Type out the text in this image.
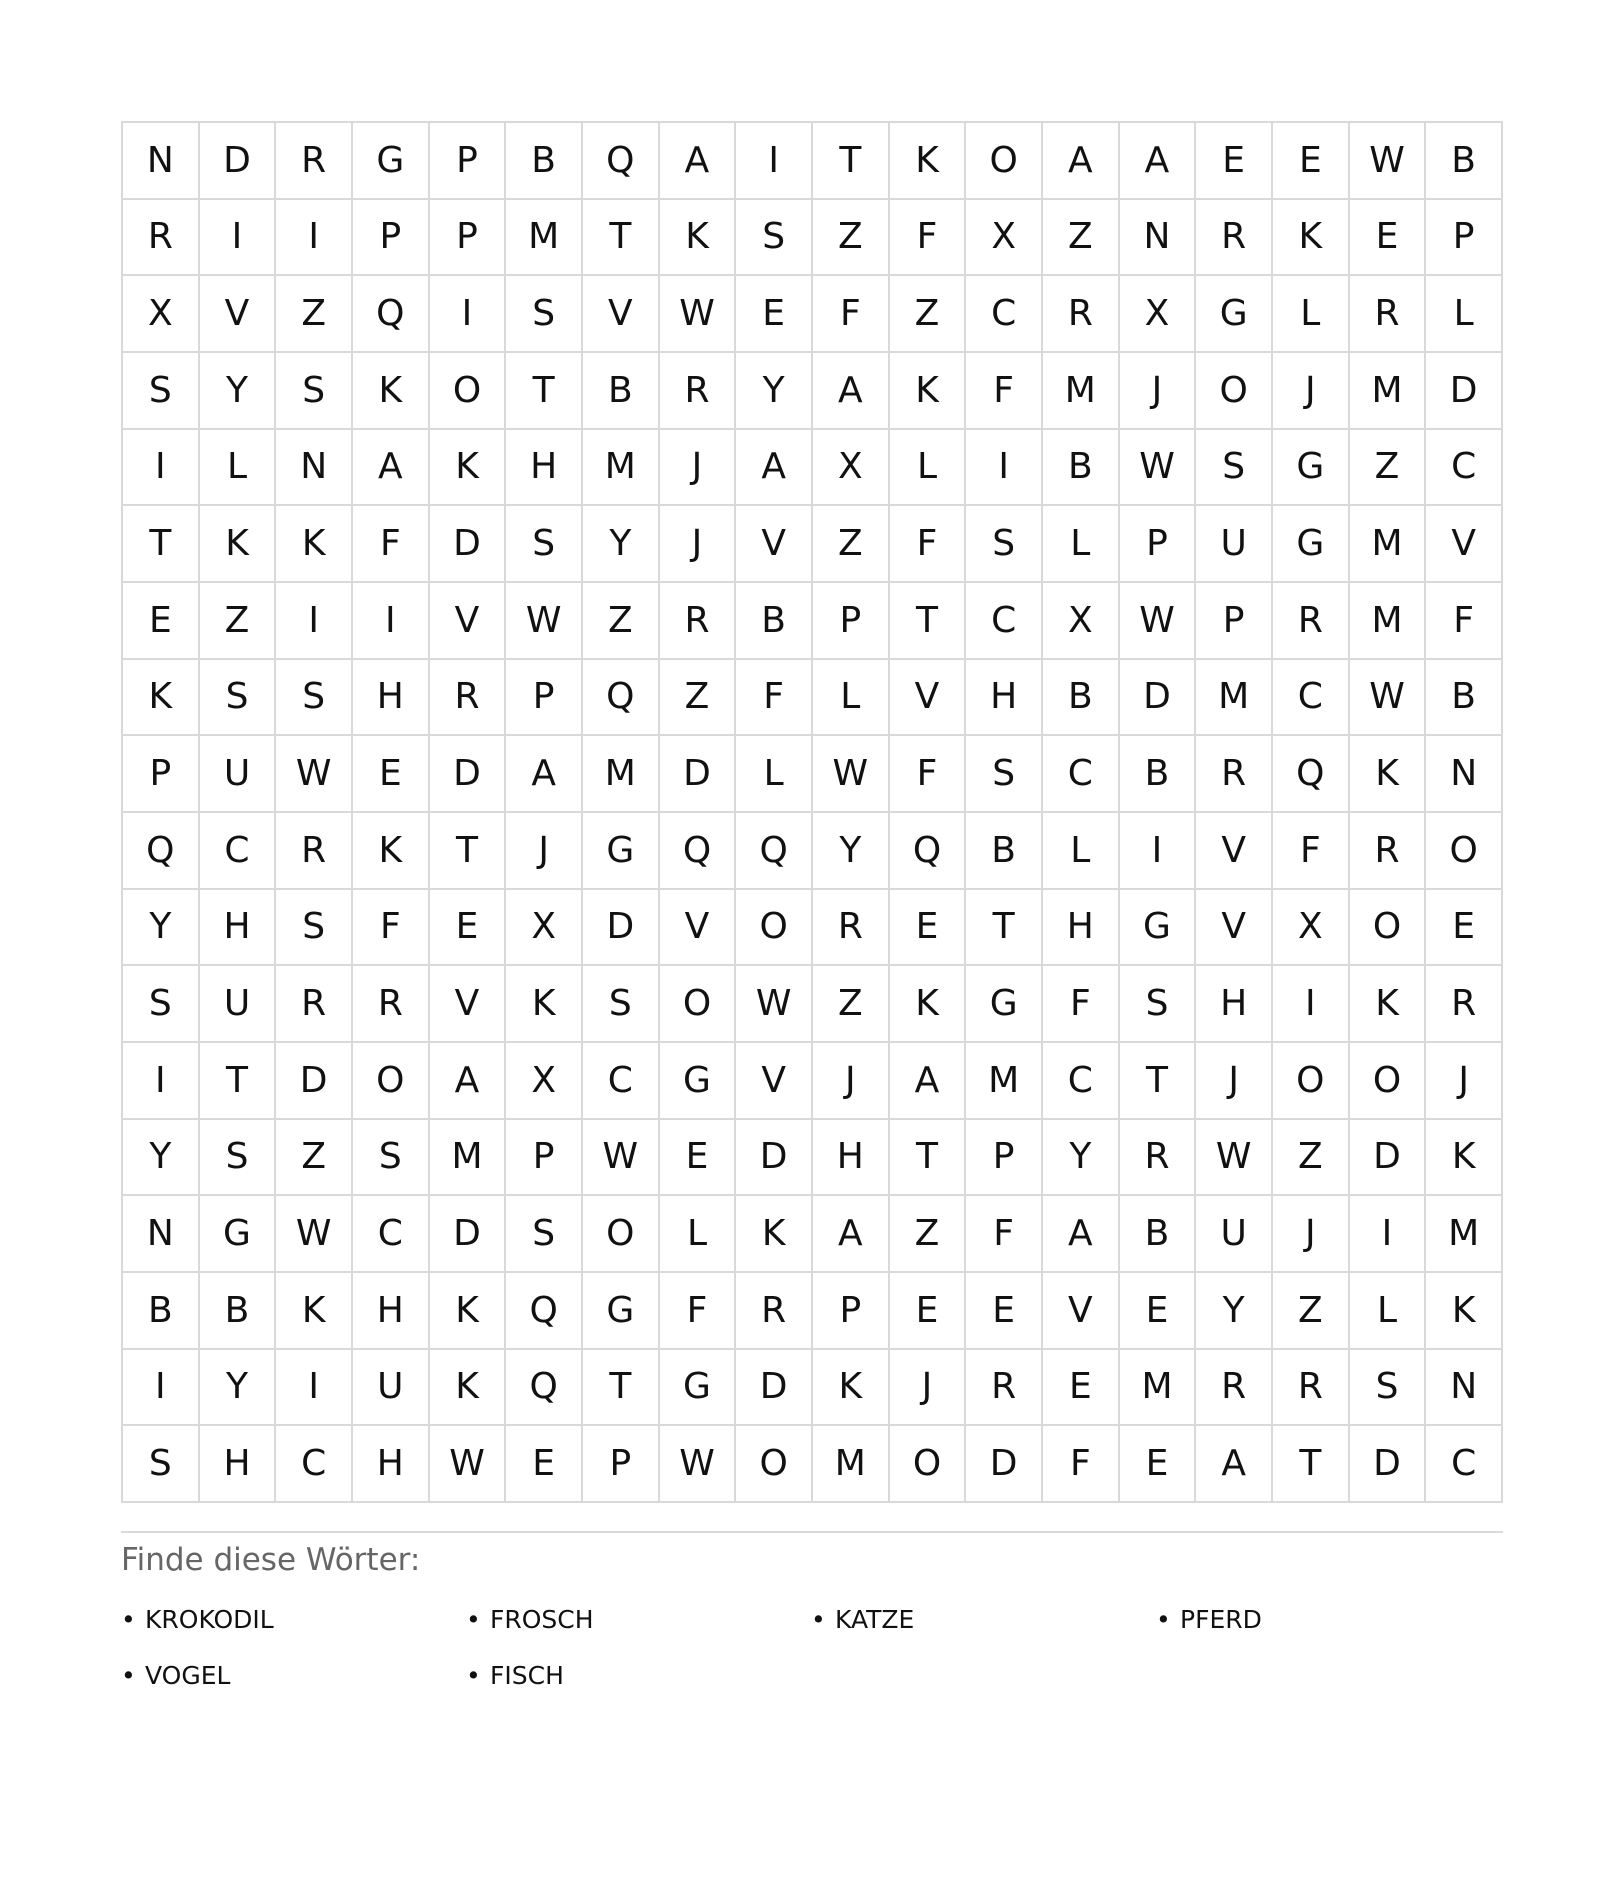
N	D	R	G	P	B	Q	A	I	T	K	O	A	A	E	E	W	B
R	I	I	P	P	M	T	K	S	Z	F	X	Z	N	R	K	E	P
X	V	Z	Q	I	S	V	W	E	F	Z	C	R	X	G	L	R	L
S	Y	S	K	O	T	B	R	Y	A	K	F	M	J	O	J	M	D
I	L	N	A	K	H	M	J	A	X	L	I	B	W	S	G	Z	C
T	K	K	F	D	S	Y	J	V	Z	F	S	L	P	U	G	M	V
E	Z	I	I	V	W	Z	R	B	P	T	C	X	W	P	R	M	F
K	S	S	H	R	P	Q	Z	F	L	V	H	B	D	M	C	W	B
P	U	W	E	D	A	M	D	L	W	F	S	C	B	R	Q	K	N
Q	C	R	K	T	J	G	Q	Q	Y	Q	B	L	I	V	F	R	O
Y	H	S	F	E	X	D	V	O	R	E	T	H	G	V	X	O	E
S	U	R	R	V	K	S	O	W	Z	K	G	F	S	H	I	K	R
I	T	D	O	A	X	C	G	V	J	A	M	C	T	J	O	O	J
Y	S	Z	S	M	P	W	E	D	H	T	P	Y	R	W	Z	D	K
N	G	W	C	D	S	O	L	K	A	Z	F	A	B	U	J	I	M
B	B	K	H	K	Q	G	F	R	P	E	E	V	E	Y	Z	L	K
I	Y	I	U	K	Q	T	G	D	K	J	R	E	M	R	R	S	N
S	H	C	H	W	E	P	W	O	M	O	D	F	E	A	T	D	C
Finde diese Wörter:
• KROKODIL	• FROSCH	• KATZE	• PFERD
• VOGEL	• FISCH
